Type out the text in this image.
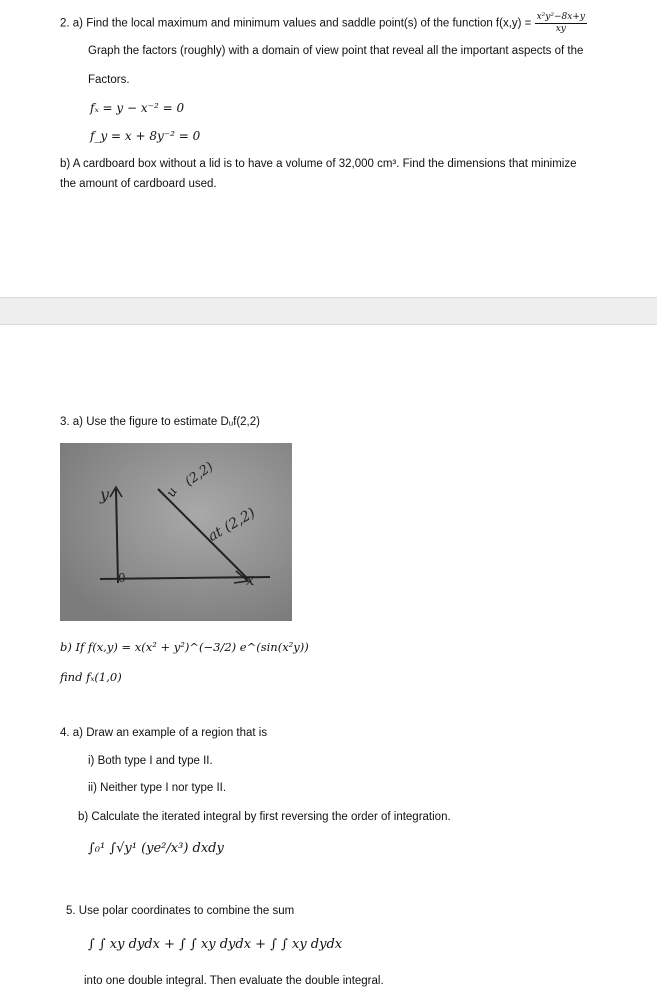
2. a) Find the local maximum and minimum values and saddle point(s) of the function $f(x,y) = \frac{\text{x²y²−8x+y}}{xy}$
Graph the factors (roughly) with a domain of view point that reveal all the important aspects of the
Factors.
fₓ = y − x⁻² = 0
f_y = x + 8y⁻² = 0
b) A cardboard box without a lid is to have a volume of 32,000 cm³. Find the dimensions that minimize
the amount of cardboard used.
3. a) Use the figure to estimate Dᵤf(2,2)
y	u
(2,2)
at (2,2)
0	x
b) If f(x,y) = x(x² + y²)^(−3/2) e^(sin(x²y))
find fₓ(1,0)
4. a) Draw an example of a region that is
i) Both type I and type II.
ii) Neither type I nor type II.
b) Calculate the iterated integral by first reversing the order of integration.
∫₀¹ ∫√y¹ (ye²/x³) dxdy
5. Use polar coordinates to combine the sum
∫ ∫ xy dydx + ∫ ∫ xy dydx + ∫ ∫ xy dydx
into one double integral. Then evaluate the double integral.
